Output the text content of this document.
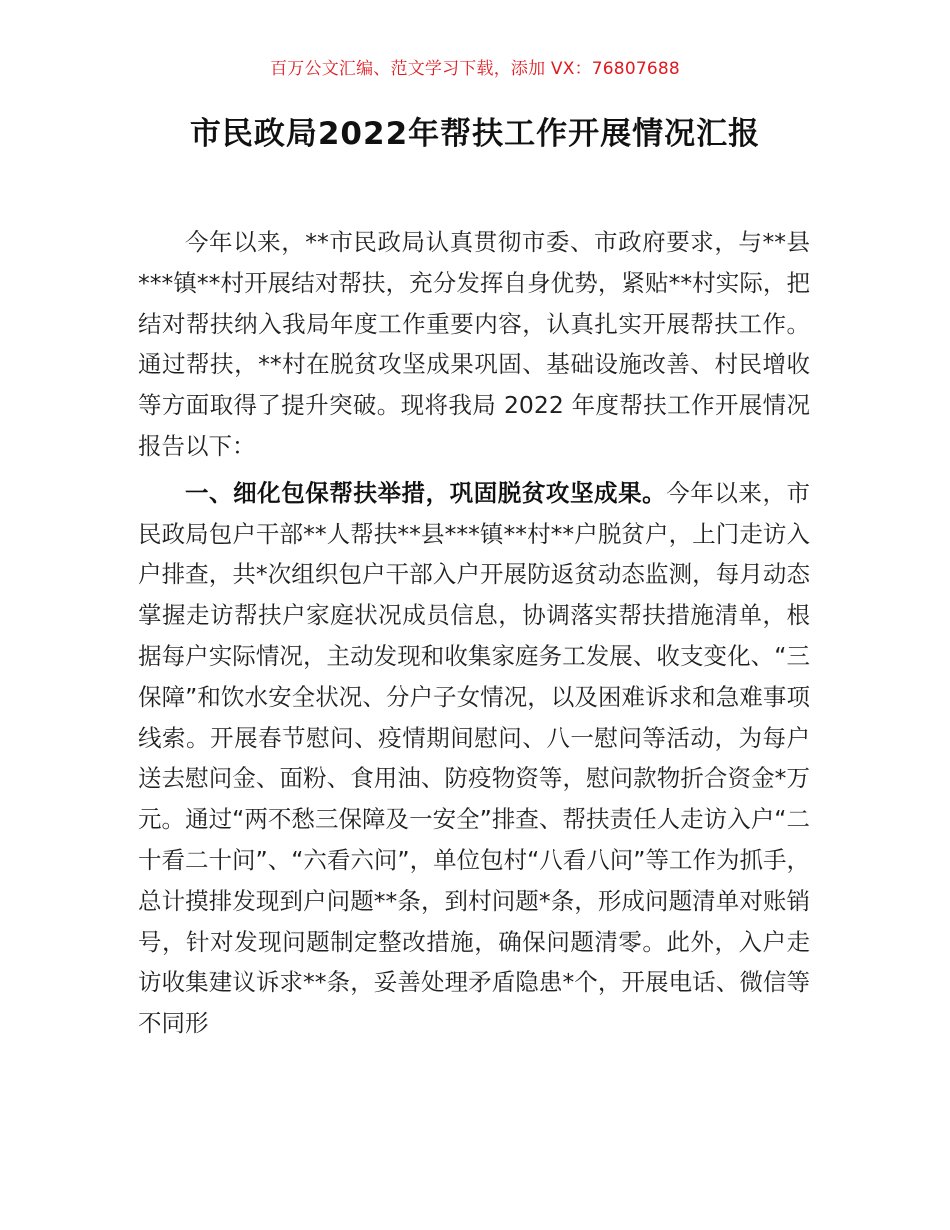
百万公文汇编、范文学习下载，添加 VX：76807688
市民政局2022年帮扶工作开展情况汇报

今年以来，**市民政局认真贯彻市委、市政府要求，与**县***镇**村开展结对帮扶，充分发挥自身优势，紧贴**村实际，把结对帮扶纳入我局年度工作重要内容，认真扎实开展帮扶工作。通过帮扶，**村在脱贫攻坚成果巩固、基础设施改善、村民增收等方面取得了提升突破。现将我局 2022 年度帮扶工作开展情况报告以下：

一、细化包保帮扶举措，巩固脱贫攻坚成果。今年以来，市民政局包户干部**人帮扶**县***镇**村**户脱贫户，上门走访入户排查，共*次组织包户干部入户开展防返贫动态监测，每月动态掌握走访帮扶户家庭状况成员信息，协调落实帮扶措施清单，根据每户实际情况，主动发现和收集家庭务工发展、收支变化、“三保障”和饮水安全状况、分户子女情况，以及困难诉求和急难事项线索。开展春节慰问、疫情期间慰问、八一慰问等活动，为每户送去慰问金、面粉、食用油、防疫物资等，慰问款物折合资金*万元。通过“两不愁三保障及一安全”排查、帮扶责任人走访入户“二十看二十问”、“六看六问”，单位包村“八看八问”等工作为抓手，总计摸排发现到户问题**条，到村问题*条，形成问题清单对账销号，针对发现问题制定整改措施，确保问题清零。此外，入户走访收集建议诉求**条，妥善处理矛盾隐患*个，开展电话、微信等不同形
